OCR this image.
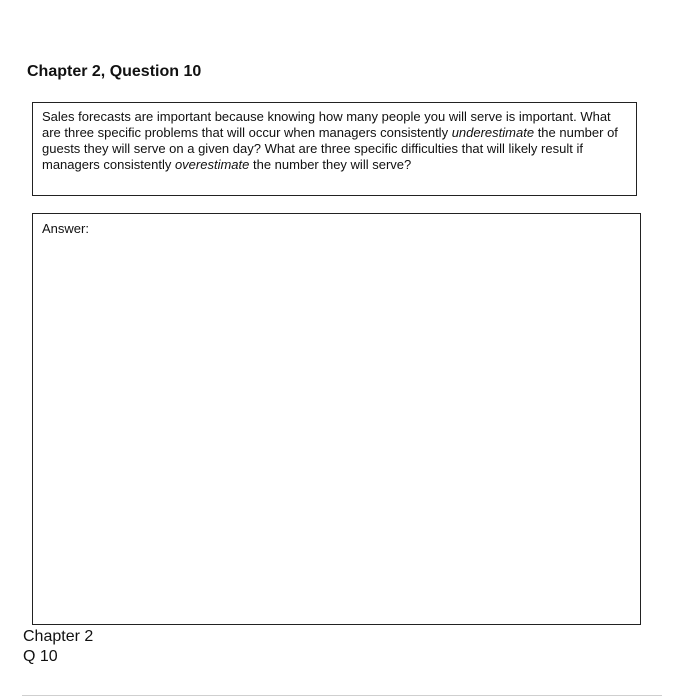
Chapter 2, Question 10
Sales forecasts are important because knowing how many people you will serve is important. What are three specific problems that will occur when managers consistently underestimate the number of guests they will serve on a given day? What are three specific difficulties that will likely result if managers consistently overestimate the number they will serve?
Answer:
Chapter 2
Q 10
